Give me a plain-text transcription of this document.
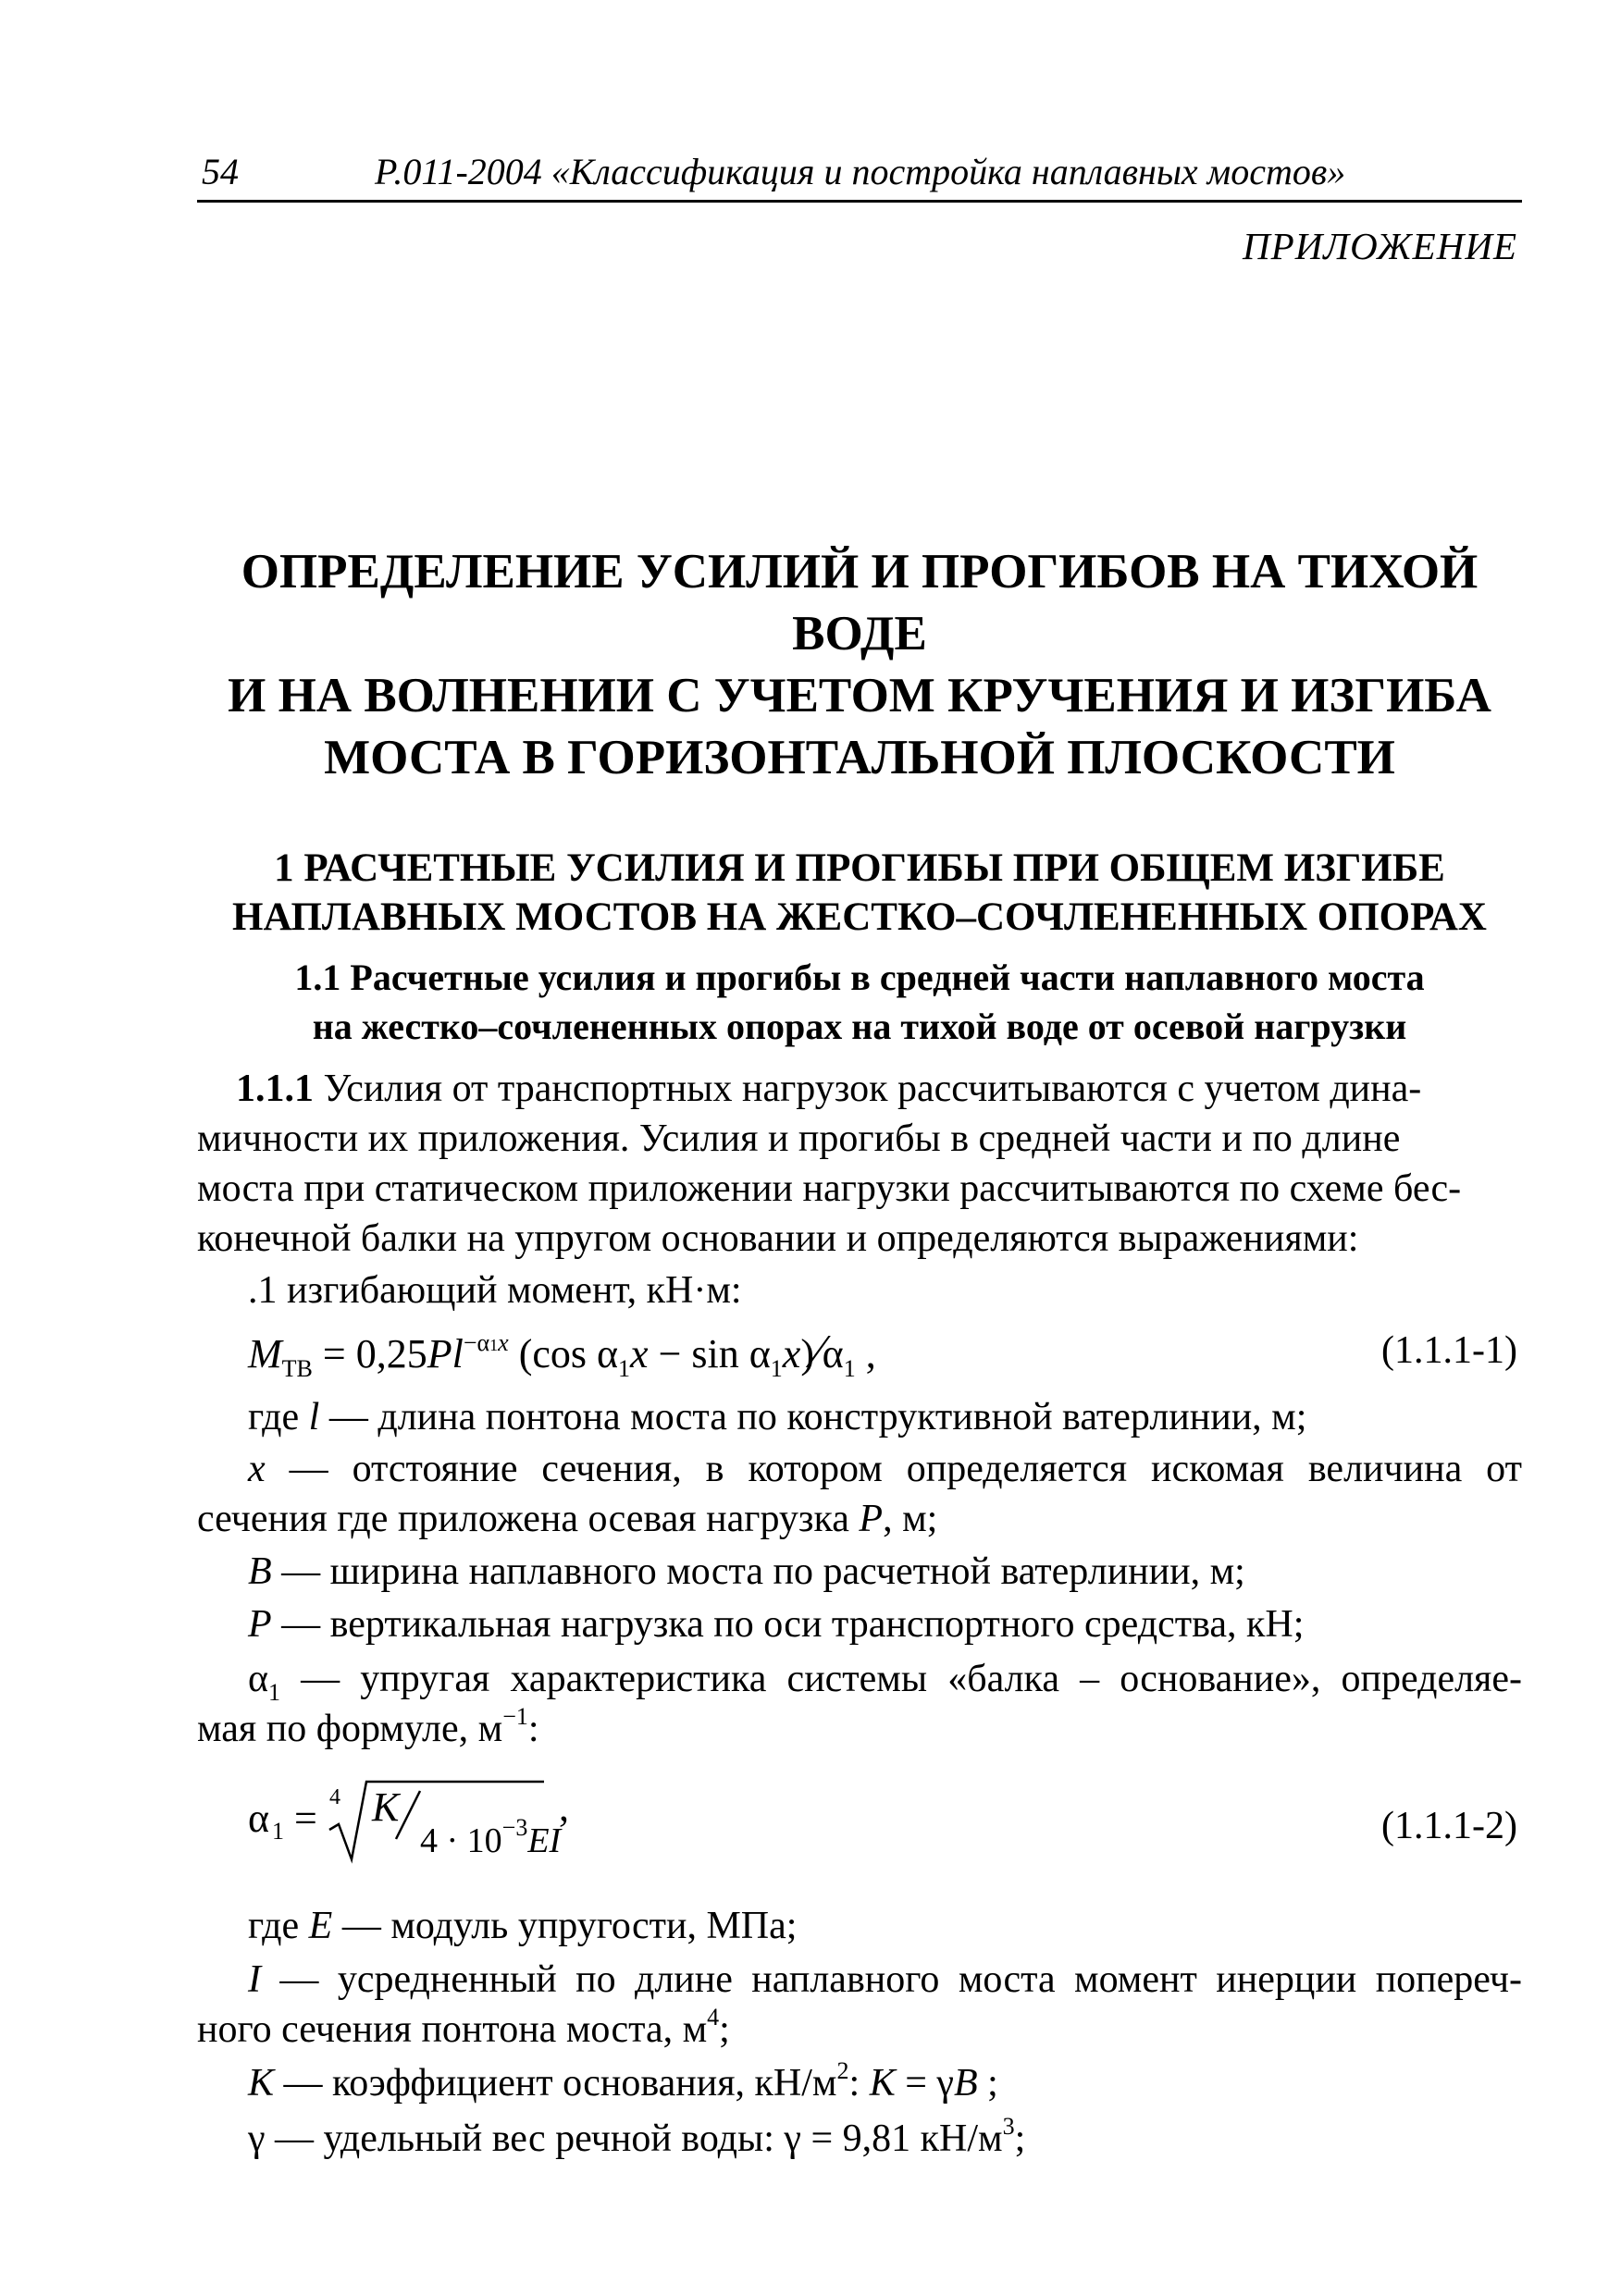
54	Р.011-2004 «Классификация и постройка наплавных мостов»
ПРИЛОЖЕНИЕ
ОПРЕДЕЛЕНИЕ УСИЛИЙ И ПРОГИБОВ НА ТИХОЙ ВОДЕ
И НА ВОЛНЕНИИ С УЧЕТОМ КРУЧЕНИЯ И ИЗГИБА
МОСТА В ГОРИЗОНТАЛЬНОЙ ПЛОСКОСТИ
1 РАСЧЕТНЫЕ УСИЛИЯ И ПРОГИБЫ ПРИ ОБЩЕМ ИЗГИБЕ
НАПЛАВНЫХ МОСТОВ НА ЖЕСТКО–СОЧЛЕНЕННЫХ ОПОРАХ
1.1 Расчетные усилия и прогибы в средней части наплавного моста
на жестко–сочлененных опорах на тихой воде от осевой нагрузки
1.1.1 Усилия от транспортных нагрузок рассчитываются с учетом дина-
мичности их приложения. Усилия и прогибы в средней части и по длине
моста при статическом приложении нагрузки рассчитываются по схеме бес-
конечной балки на упругом основании и определяются выражениями:
.1 изгибающий момент, кН·м:
$M_{ТВ} = 0,25Pl^{-\alpha 1x}$ (cos $\alpha_1x - \sin$ $\alpha_1x)⁄\alpha_1$ ,	(1.1.1-1)
где l — длина понтона моста по конструктивной ватерлинии, м;
x — отстояние сечения, в котором определяется искомая величина от
сечения где приложена осевая нагрузка P, м;
B — ширина наплавного моста по расчетной ватерлинии, м;
P — вертикальная нагрузка по оси транспортного средства, кН;
$\alpha_1$ — упругая характеристика системы «балка – основание», определяе-
мая по формуле, $м^{-1}$:
α 1 = 4 K
$4 \cdot 10^{-3}EI$
,	(1.1.1-2)
где E — модуль упругости, МПа;
I — усредненный по длине наплавного моста момент инерции попереч-
ного сечения понтона моста, $м^4$;
K — коэффициент основания, $кН/м^2$: K = γB ;
γ — удельный вес речной воды: γ = 9,81 $кН/м^3$;
